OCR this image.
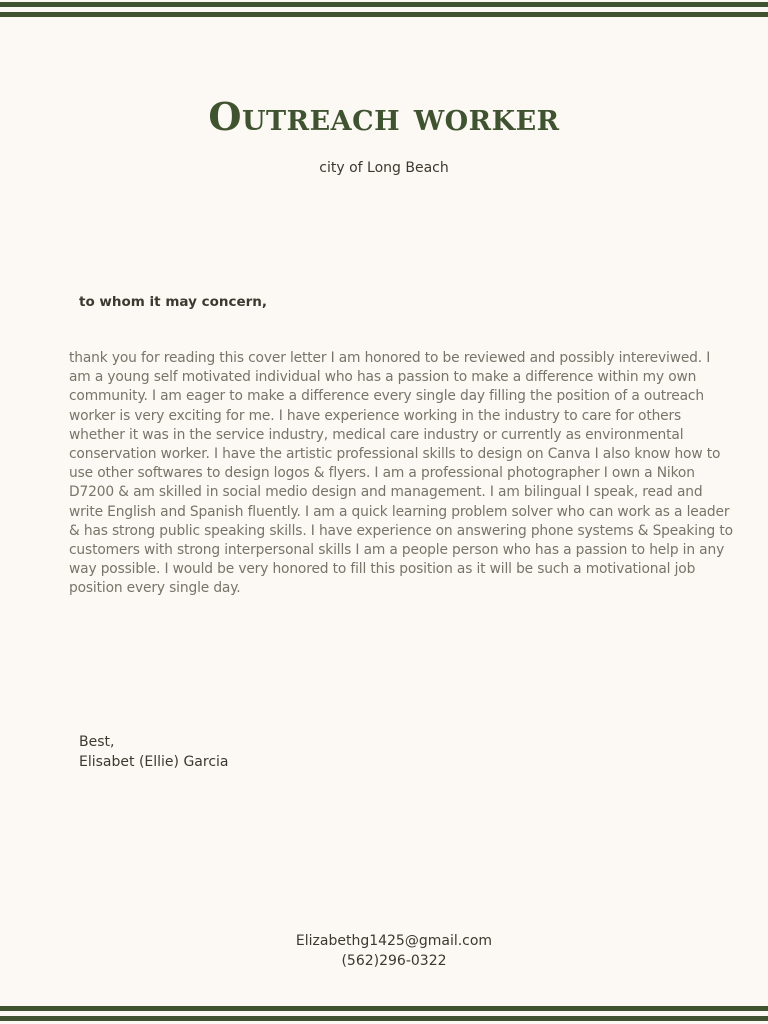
Outreach worker
city of Long Beach
to whom it may concern,
thank you for reading this cover letter I am honored to be reviewed and possibly intereviwed. I am a young self motivated individual who has a passion to make a difference within my own community. I am eager to make a difference every single day filling the position of a outreach worker is very exciting for me. I have experience working in the industry to care for others whether it was in the service industry, medical care industry or currently as environmental conservation worker. I have the artistic professional skills to design on Canva I also know how to use other softwares to design logos & flyers. I am a professional photographer I own a Nikon D7200 & am skilled in social medio design and management. I am bilingual I speak, read and write English and Spanish fluently. I am a quick learning problem solver who can work as a leader & has strong public speaking skills. I have experience on answering phone systems & Speaking to customers with strong interpersonal skills I am a people person who has a passion to help in any way possible. I would be very honored to fill this position as it will be such a motivational job position every single day.
Best,
Elisabet (Ellie) Garcia
Elizabethg1425@gmail.com
(562)296-0322
